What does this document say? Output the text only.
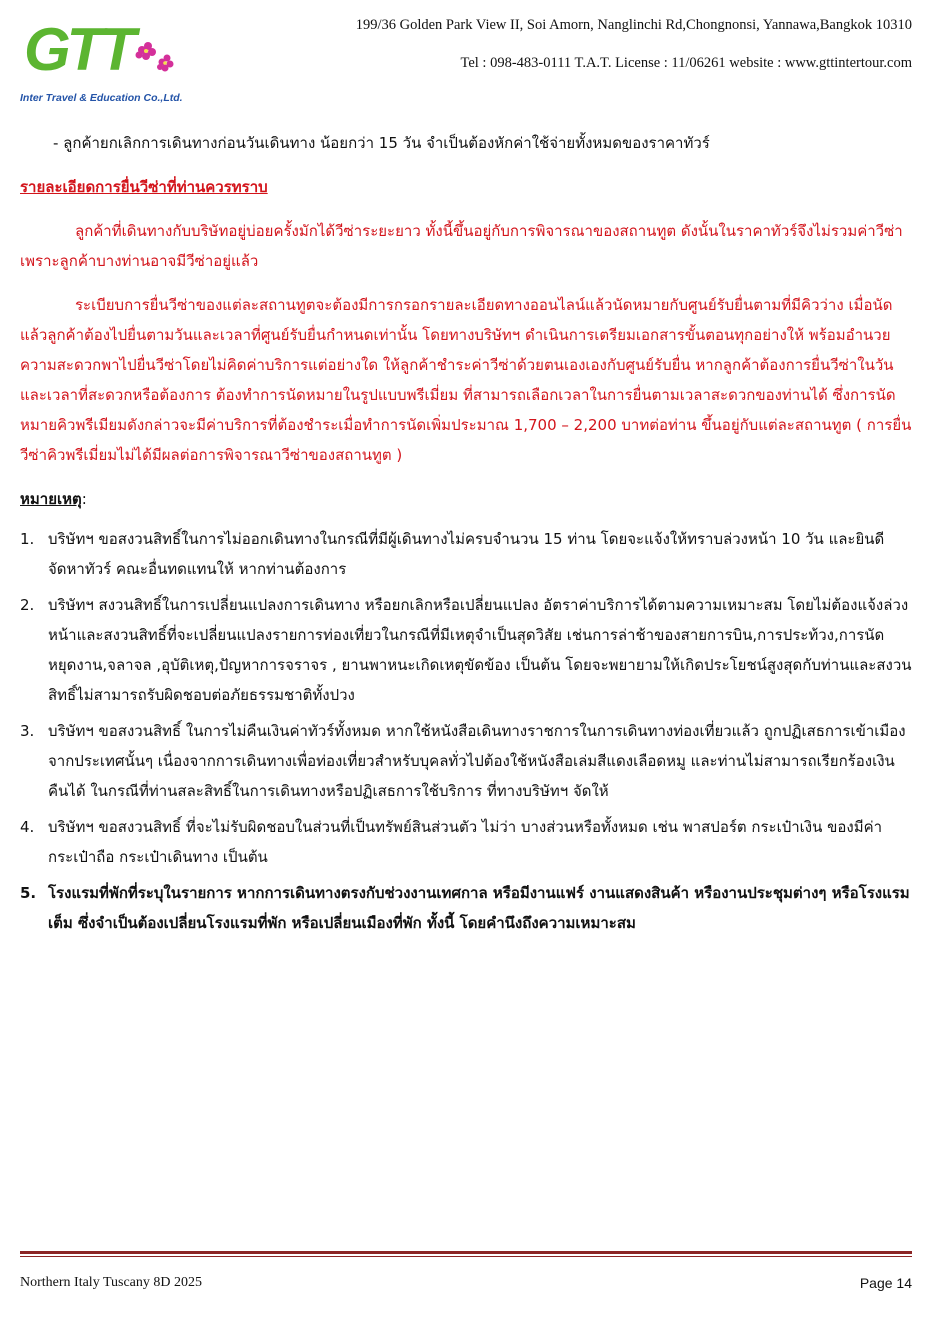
GTT
Inter Travel & Education Co.,Ltd.
199/36 Golden Park View II, Soi Amorn, Nanglinchi Rd,Chongnonsi, Yannawa,Bangkok 10310
Tel : 098-483-0111 T.A.T. License : 11/06261 website : www.gttintertour.com

- ลูกค้ายกเลิกการเดินทางก่อนวันเดินทาง น้อยกว่า 15 วัน จำเป็นต้องหักค่าใช้จ่ายทั้งหมดของราคาทัวร์

รายละเอียดการยื่นวีซ่าที่ท่านควรทราบ

ลูกค้าที่เดินทางกับบริษัทอยู่บ่อยครั้งมักได้วีซ่าระยะยาว ทั้งนี้ขึ้นอยู่กับการพิจารณาของสถานทูต ดังนั้นในราคาทัวร์จึงไม่รวมค่าวีซ่า เพราะลูกค้าบางท่านอาจมีวีซ่าอยู่แล้ว

ระเบียบการยื่นวีซ่าของแต่ละสถานทูตจะต้องมีการกรอกรายละเอียดทางออนไลน์แล้วนัดหมายกับศูนย์รับยื่นตามที่มีคิวว่าง เมื่อนัดแล้วลูกค้าต้องไปยื่นตามวันและเวลาที่ศูนย์รับยื่นกำหนดเท่านั้น โดยทางบริษัทฯ ดำเนินการเตรียมเอกสารขั้นตอนทุกอย่างให้ พร้อมอำนวยความสะดวกพาไปยื่นวีซ่าโดยไม่คิดค่าบริการแต่อย่างใด ให้ลูกค้าชำระค่าวีซ่าด้วยตนเองเองกับศูนย์รับยื่น หากลูกค้าต้องการยื่นวีซ่าในวันและเวลาที่สะดวกหรือต้องการ ต้องทำการนัดหมายในรูปแบบพรีเมี่ยม ที่สามารถเลือกเวลาในการยื่นตามเวลาสะดวกของท่านได้ ซึ่งการนัดหมายคิวพรีเมียมดังกล่าวจะมีค่าบริการที่ต้องชำระเมื่อทำการนัดเพิ่มประมาณ 1,700 – 2,200 บาทต่อท่าน ขึ้นอยู่กับแต่ละสถานทูต ( การยื่นวีซ่าคิวพรีเมี่ยมไม่ได้มีผลต่อการพิจารณาวีซ่าของสถานทูต )

หมายเหตุ:

1. บริษัทฯ ขอสงวนสิทธิ์ในการไม่ออกเดินทางในกรณีที่มีผู้เดินทางไม่ครบจำนวน 15 ท่าน โดยจะแจ้งให้ทราบล่วงหน้า 10 วัน และยินดีจัดหาทัวร์ คณะอื่นทดแทนให้ หากท่านต้องการ
2. บริษัทฯ สงวนสิทธิ์ในการเปลี่ยนแปลงการเดินทาง หรือยกเลิกหรือเปลี่ยนแปลง อัตราค่าบริการได้ตามความเหมาะสม โดยไม่ต้องแจ้งล่วงหน้าและสงวนสิทธิ์ที่จะเปลี่ยนแปลงรายการท่องเที่ยวในกรณีที่มีเหตุจำเป็นสุดวิสัย เช่นการล่าช้าของสายการบิน,การประท้วง,การนัดหยุดงาน,จลาจล ,อุบัติเหตุ,ปัญหาการจราจร , ยานพาหนะเกิดเหตุขัดข้อง เป็นต้น โดยจะพยายามให้เกิดประโยชน์สูงสุดกับท่านและสงวนสิทธิ์ไม่สามารถรับผิดชอบต่อภัยธรรมชาติทั้งปวง
3. บริษัทฯ ขอสงวนสิทธิ์ ในการไม่คืนเงินค่าทัวร์ทั้งหมด หากใช้หนังสือเดินทางราชการในการเดินทางท่องเที่ยวแล้ว ถูกปฏิเสธการเข้าเมืองจากประเทศนั้นๆ เนื่องจากการเดินทางเพื่อท่องเที่ยวสำหรับบุคลทั่วไปต้องใช้หนังสือเล่มสีแดงเลือดหมู และท่านไม่สามารถเรียกร้องเงินคืนได้ ในกรณีที่ท่านสละสิทธิ์ในการเดินทางหรือปฏิเสธการใช้บริการ ที่ทางบริษัทฯ จัดให้
4. บริษัทฯ ขอสงวนสิทธิ์ ที่จะไม่รับผิดชอบในส่วนที่เป็นทรัพย์สินส่วนตัว ไม่ว่า บางส่วนหรือทั้งหมด เช่น พาสปอร์ต กระเป๋าเงิน ของมีค่า กระเป๋าถือ กระเป๋าเดินทาง เป็นต้น
5. โรงแรมที่พักที่ระบุในรายการ หากการเดินทางตรงกับช่วงงานเทศกาล หรือมีงานแฟร์ งานแสดงสินค้า หรืองานประชุมต่างๆ หรือโรงแรมเต็ม ซึ่งจำเป็นต้องเปลี่ยนโรงแรมที่พัก หรือเปลี่ยนเมืองที่พัก ทั้งนี้ โดยคำนึงถึงความเหมาะสม
Northern Italy Tuscany 8D 2025	Page 14
